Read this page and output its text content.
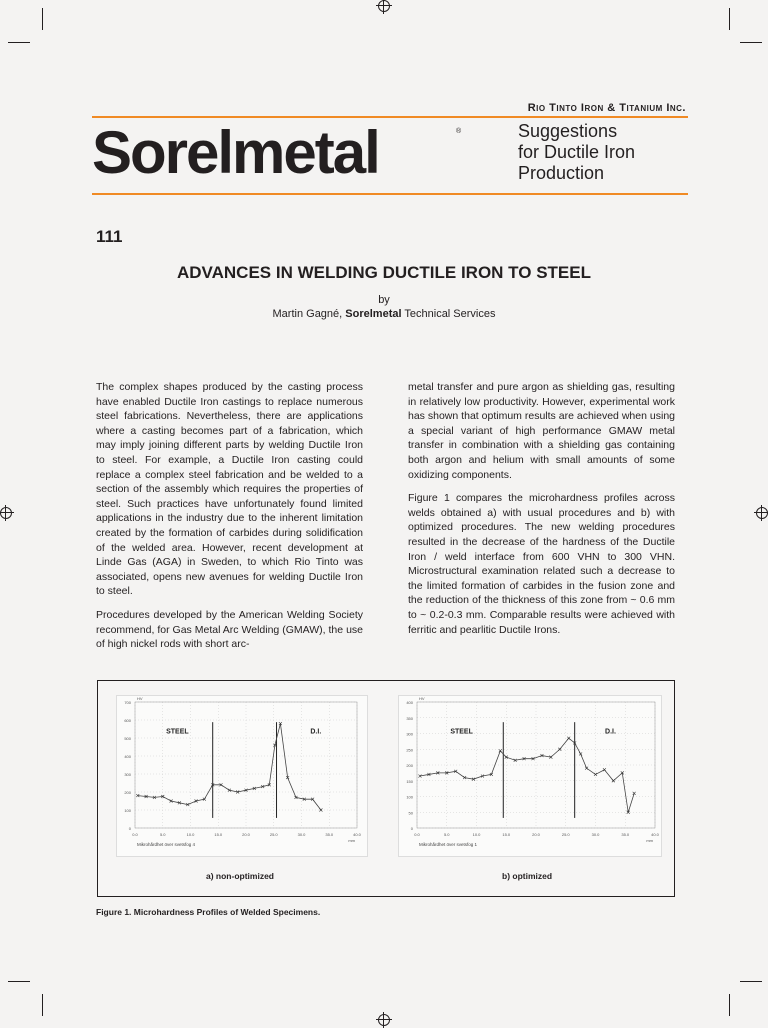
Rio Tinto Iron & Titanium Inc.
Sorelmetal	®	Suggestions
for Ductile Iron
Production
111
ADVANCES IN WELDING DUCTILE IRON TO STEEL
by
Martin Gagné, Sorelmetal Technical Services

The complex shapes produced by the casting process have enabled Ductile Iron castings to replace numerous steel fabrications. Nevertheless, there are applications where a casting becomes part of a fabrication, which may imply joining different parts by welding Ductile Iron to steel. For example, a Ductile Iron casting could replace a complex steel fabrication and be welded to a section of the assembly which requires the properties of steel. Such practices have unfortunately found limited applications in the industry due to the inherent limitation created by the formation of carbides during solidification of the welded area. However, recent development at Linde Gas (AGA) in Sweden, to which Rio Tinto was associated, opens new avenues for welding Ductile Iron to steel.

Procedures developed by the American Welding Society recommend, for Gas Metal Arc Welding (GMAW), the use of high nickel rods with short arc-

metal transfer and pure argon as shielding gas, resulting in relatively low productivity. However, experimental work has shown that optimum results are achieved when using a special variant of high performance GMAW metal transfer in combination with a shielding gas containing both argon and helium with small amounts of some oxidizing components.

Figure 1 compares the microhardness profiles across welds obtained a) with usual procedures and b) with optimized procedures. The new welding procedures resulted in the decrease of the hardness of the Ductile Iron / weld interface from 600 VHN to 300 VHN. Microstructural examination related such a decrease to the limited formation of carbides in the fusion zone and the reduction of the thickness of this zone from ~ 0.6 mm to ~ 0.2-0.3 mm. Comparable results were achieved with ferritic and pearlitic Ductile Irons.

0
100
200
300
400
500
600
700
0.0	5.0	10.0	15.0	20.0	25.0	30.0	35.0	40.0
HV
mm
Mikrohårdhet över svetsfog 4
STEEL	D.I.
0
50
100
150
200
250
300
350
400
0.0	5.0	10.0	15.0	20.0	25.0	30.0	35.0	40.0
HV
mm
Mikrohårdhet över svetsfog 1
STEEL	D.I.
a) non-optimized	b) optimized
Figure 1. Microhardness Profiles of Welded Specimens.
